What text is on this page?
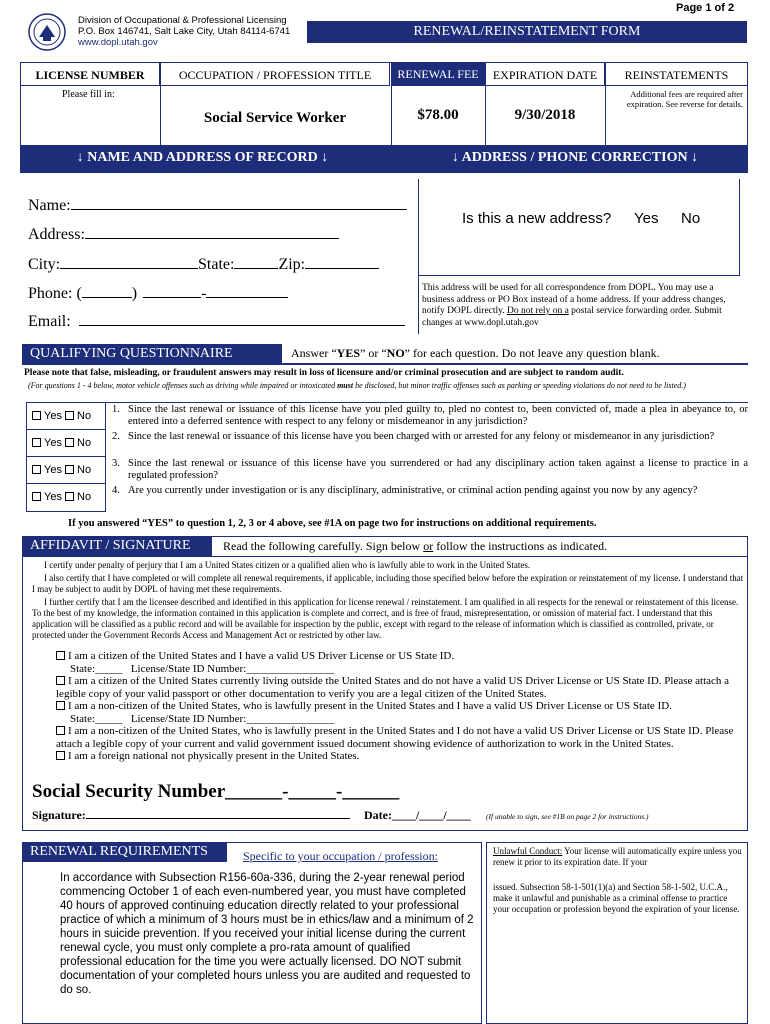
Page 1 of 2
Division of Occupational & Professional Licensing
P.O. Box 146741, Salt Lake City, Utah 84114-6741
www.dopl.utah.gov
RENEWAL/REINSTATEMENT FORM
LICENSE NUMBER	OCCUPATION / PROFESSION TITLE	RENEWAL FEE	EXPIRATION DATE	REINSTATEMENTS
Please fill in:
Social Service Worker	$78.00	9/30/2018
Additional fees are required after expiration. See reverse for details.
↓ NAME AND ADDRESS OF RECORD ↓	↓ ADDRESS / PHONE CORRECTION ↓
Name:
Address:
City:	State:	Zip:
Phone: (	)	-
Email:
Is this a new address? Yes No
This address will be used for all correspondence from DOPL. You may use a business address or PO Box instead of a home address. If your address changes, notify DOPL directly. Do not rely on a postal service forwarding order. Submit changes at www.dopl.utah.gov
QUALIFYING QUESTIONNAIRE	Answer “YES” or “NO” for each question. Do not leave any question blank.
Please note that false, misleading, or fraudulent answers may result in loss of licensure and/or criminal prosecution and are subject to random audit.
(For questions 1 - 4 below, motor vehicle offenses such as driving while impaired or intoxicated must be disclosed, but minor traffic offenses such as parking or speeding violations do not need to be listed.)
Yes No
1. Since the last renewal or issuance of this license have you pled guilty to, pled no contest to, been convicted of, made a plea in abeyance to, or entered into a deferred sentence with respect to any felony or misdemeanor in any jurisdiction?
Yes No
2. Since the last renewal or issuance of this license have you been charged with or arrested for any felony or misdemeanor in any jurisdiction?
Yes No
3. Since the last renewal or issuance of this license have you surrendered or had any disciplinary action taken against a license to practice in a regulated profession?
Yes No
4. Are you currently under investigation or is any disciplinary, administrative, or criminal action pending against you now by any agency?
If you answered “YES” to question 1, 2, 3 or 4 above, see #1A on page two for instructions on additional requirements.
AFFIDAVIT / SIGNATURE	Read the following carefully. Sign below or follow the instructions as indicated.
I certify under penalty of perjury that I am a United States citizen or a qualified alien who is lawfully able to work in the United States.
I also certify that I have completed or will complete all renewal requirements, if applicable, including those specified below before the expiration or reinstatement of my license. I understand that I may be subject to audit by DOPL of having met these requirements.
I further certify that I am the licensee described and identified in this application for license renewal / reinstatement. I am qualified in all respects for the renewal or reinstatement of this license. To the best of my knowledge, the information contained in this application is complete and correct, and is free of fraud, misrepresentation, or omission of material fact. I understand that this application will be classified as a public record and will be available for inspection by the public, except with regard to the release of information which is classified as controlled, private, or protected under the Government Records Access and Management Act or restricted by other law.
I am a citizen of the United States and I have a valid US Driver License or US State ID.
State:_____ License/State ID Number:________________
I am a citizen of the United States currently living outside the United States and do not have a valid US Driver License or US State ID. Please attach a legible copy of your valid passport or other documentation to verify you are a legal citizen of the United States.
I am a non-citizen of the United States, who is lawfully present in the United States and I have a valid US Driver License or US State ID.
State:_____ License/State ID Number:________________
I am a non-citizen of the United States, who is lawfully present in the United States and I do not have a valid US Driver License or US State ID. Please attach a legible copy of your current and valid government issued document showing evidence of authorization to work in the United States.
I am a foreign national not physically present in the United States.
Social Security Number______-_____-______
Signature:	Date:____/____/____ (If unable to sign, see #1B on page 2 for instructions.)
RENEWAL REQUIREMENTS	Specific to your occupation / profession:
In accordance with Subsection R156-60a-336, during the 2-year renewal period commencing October 1 of each even-numbered year, you must have completed 40 hours of approved continuing education directly related to your professional practice of which a minimum of 3 hours must be in ethics/law and a minimum of 2 hours in suicide prevention. If you received your initial license during the current renewal cycle, you must only complete a pro-rata amount of qualified professional education for the time you were actually licensed. DO NOT submit documentation of your completed hours unless you are audited and requested to do so.
Unlawful Conduct: Your license will automatically expire unless you renew it prior to its expiration date. If your
issued. Subsection 58-1-501(1)(a) and Section 58-1-502, U.C.A., make it unlawful and punishable as a criminal offense to practice your occupation or profession beyond the expiration of your license.
